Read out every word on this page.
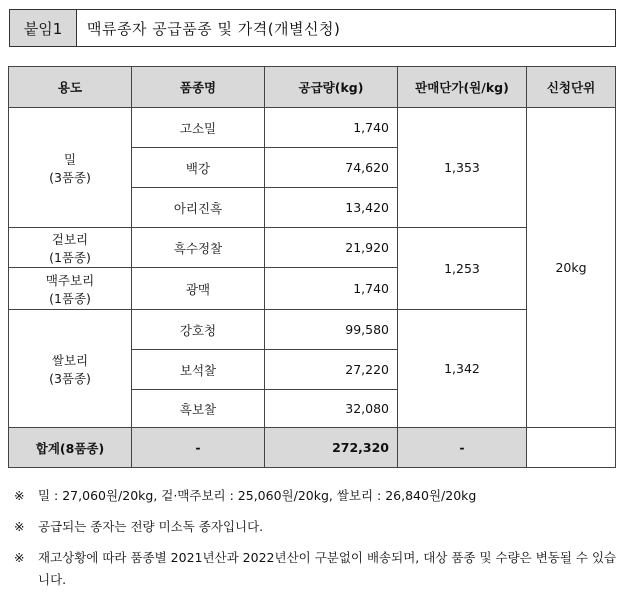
붙임1	맥류종자 공급품종 및 가격(개별신청)
용도	품종명	공급량(kg)	판매단가(원/kg)	신청단위

밀
(3품종)	고소밀	1,740	1,353	20kg
	백강	74,620		
	아리진흑	13,420		

겉보리
(1품종)	흑수정찰	21,920	1,253	

맥주보리
(1품종)	광맥	1,740		

쌀보리
(3품종)	강호청	99,580	1,342	
	보석찰	27,220		
	흑보찰	32,080		
합계(8품종)	-	272,320	-	
※	밀 : 27,060원/20kg, 겉·맥주보리 : 25,060원/20kg, 쌀보리 : 26,840원/20kg
※	공급되는 종자는 전량 미소독 종자입니다.
※	재고상황에 따라 품종별 2021년산과 2022년산이 구분없이 배송되며, 대상 품종 및 수량은 변동될 수 있습니다.
